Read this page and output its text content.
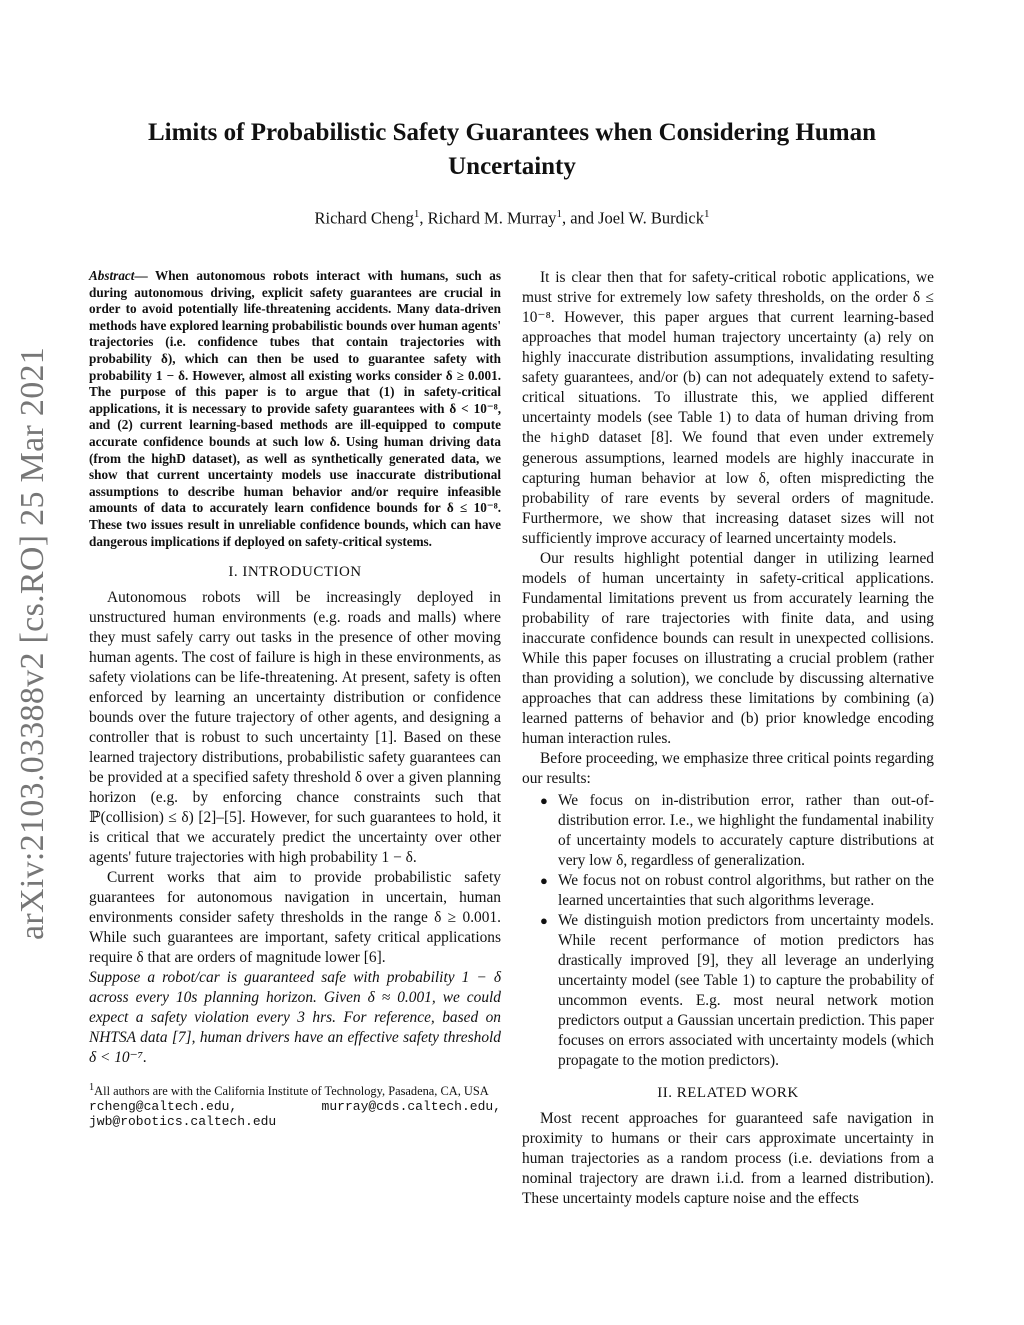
Limits of Probabilistic Safety Guarantees when Considering Human Uncertainty
Richard Cheng$^1$, Richard M. Murray$^1$, and Joel W. Burdick$^1$
arXiv:2103.03388v2 [cs.RO] 25 Mar 2021

Abstract— When autonomous robots interact with humans, such as during autonomous driving, explicit safety guarantees are crucial in order to avoid potentially life-threatening accidents. Many data-driven methods have explored learning probabilistic bounds over human agents' trajectories (i.e. confidence tubes that contain trajectories with probability δ), which can then be used to guarantee safety with probability 1 − δ. However, almost all existing works consider δ ≥ 0.001. The purpose of this paper is to argue that (1) in safety-critical applications, it is necessary to provide safety guarantees with δ < 10⁻⁸, and (2) current learning-based methods are ill-equipped to compute accurate confidence bounds at such low δ. Using human driving data (from the highD dataset), as well as synthetically generated data, we show that current uncertainty models use inaccurate distributional assumptions to describe human behavior and/or require infeasible amounts of data to accurately learn confidence bounds for δ ≤ 10⁻⁸. These two issues result in unreliable confidence bounds, which can have dangerous implications if deployed on safety-critical systems.

I. INTRODUCTION

Autonomous robots will be increasingly deployed in unstructured human environments (e.g. roads and malls) where they must safely carry out tasks in the presence of other moving human agents. The cost of failure is high in these environments, as safety violations can be life-threatening. At present, safety is often enforced by learning an uncertainty distribution or confidence bounds over the future trajectory of other agents, and designing a controller that is robust to such uncertainty [1]. Based on these learned trajectory distributions, probabilistic safety guarantees can be provided at a specified safety threshold δ over a given planning horizon (e.g. by enforcing chance constraints such that ℙ(collision) ≤ δ) [2]–[5]. However, for such guarantees to hold, it is critical that we accurately predict the uncertainty over other agents' future trajectories with high probability 1 − δ.

Current works that aim to provide probabilistic safety guarantees for autonomous navigation in uncertain, human environments consider safety thresholds in the range δ ≥ 0.001. While such guarantees are important, safety critical applications require δ that are orders of magnitude lower [6].

Suppose a robot/car is guaranteed safe with probability 1 − δ across every 10s planning horizon. Given δ ≈ 0.001, we could expect a safety violation every 3 hrs. For reference, based on NHTSA data [7], human drivers have an effective safety threshold δ < 10⁻⁷.

$^1$All authors are with the California Institute of Technology, Pasadena, CA, USA
rcheng@caltech.edu, murray@cds.caltech.edu, jwb@robotics.caltech.edu

It is clear then that for safety-critical robotic applications, we must strive for extremely low safety thresholds, on the order δ ≤ 10⁻⁸. However, this paper argues that current learning-based approaches that model human trajectory uncertainty (a) rely on highly inaccurate distribution assumptions, invalidating resulting safety guarantees, and/or (b) can not adequately extend to safety-critical situations. To illustrate this, we applied different uncertainty models (see Table 1) to data of human driving from the highD dataset [8]. We found that even under extremely generous assumptions, learned models are highly inaccurate in capturing human behavior at low δ, often mispredicting the probability of rare events by several orders of magnitude. Furthermore, we show that increasing dataset sizes will not sufficiently improve accuracy of learned uncertainty models.

Our results highlight potential danger in utilizing learned models of human uncertainty in safety-critical applications. Fundamental limitations prevent us from accurately learning the probability of rare trajectories with finite data, and using inaccurate confidence bounds can result in unexpected collisions. While this paper focuses on illustrating a crucial problem (rather than providing a solution), we conclude by discussing alternative approaches that can address these limitations by combining (a) learned patterns of behavior and (b) prior knowledge encoding human interaction rules.

Before proceeding, we emphasize three critical points regarding our results:

● We focus on in-distribution error, rather than out-of-distribution error. I.e., we highlight the fundamental inability of uncertainty models to accurately capture distributions at very low δ, regardless of generalization.
● We focus not on robust control algorithms, but rather on the learned uncertainties that such algorithms leverage.
● We distinguish motion predictors from uncertainty models. While recent performance of motion predictors has drastically improved [9], they all leverage an underlying uncertainty model (see Table 1) to capture the probability of uncommon events. E.g. most neural network motion predictors output a Gaussian uncertain prediction. This paper focuses on errors associated with uncertainty models (which propagate to the motion predictors).
II. RELATED WORK

Most recent approaches for guaranteed safe navigation in proximity to humans or their cars approximate uncertainty in human trajectories as a random process (i.e. deviations from a nominal trajectory are drawn i.i.d. from a learned distribution). These uncertainty models capture noise and the effects
